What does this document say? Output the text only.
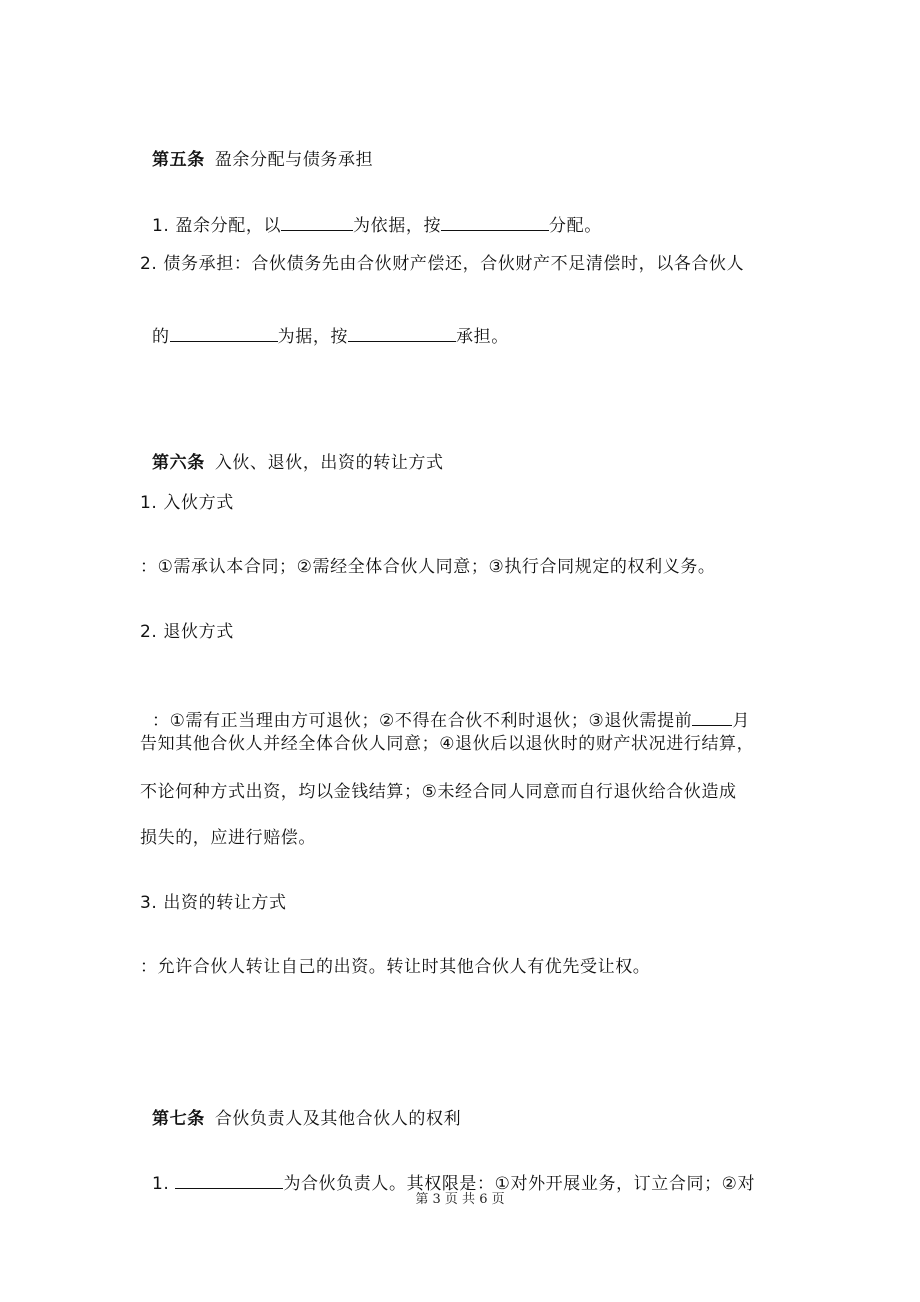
第五条 盈余分配与债务承担

1. 盈余分配，以	为依据，按	分配。

2. 债务承担：合伙债务先由合伙财产偿还，合伙财产不足清偿时，以各合伙人

的	为据，按	承担。

第六条 入伙、退伙，出资的转让方式

1. 入伙方式
：①需承认本合同；②需经全体合伙人同意；③执行合同规定的权利义务。
2. 退伙方式

：①需有正当理由方可退伙；②不得在合伙不利时退伙；③退伙需提前 月

告知其他合伙人并经全体合伙人同意；④退伙后以退伙时的财产状况进行结算，
不论何种方式出资，均以金钱结算；⑤未经合同人同意而自行退伙给合伙造成
损失的，应进行赔偿。
3. 出资的转让方式
：允许合伙人转让自己的出资。转让时其他合伙人有优先受让权。

第七条 合伙负责人及其他合伙人的权利

1.	为合伙负责人。其权限是：①对外开展业务，订立合同；②对

第 3 页 共 6 页
